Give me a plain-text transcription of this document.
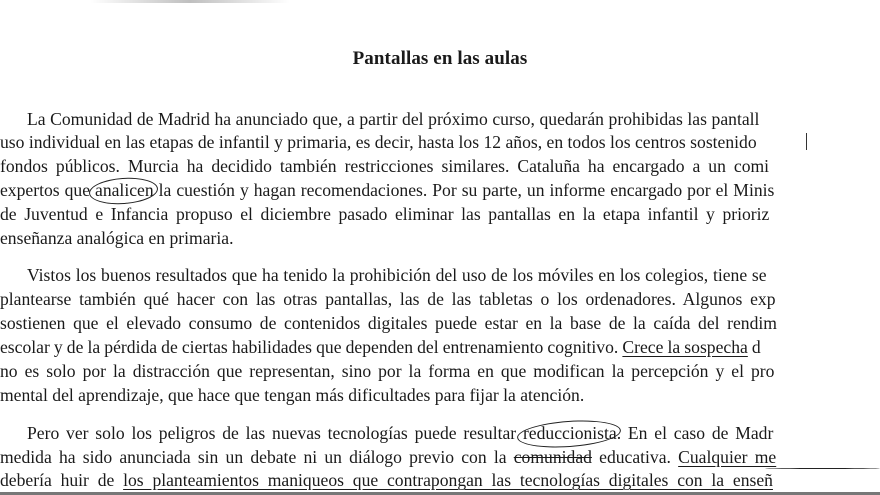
Pantallas en las aulas
La Comunidad de Madrid ha anunciado que, a partir del próximo curso, quedarán prohibidas las pantall
uso individual en las etapas de infantil y primaria, es decir, hasta los 12 años, en todos los centros sostenido
fondos públicos. Murcia ha decidido también restricciones similares. Cataluña ha encargado a un comi
expertos que analicen la cuestión y hagan recomendaciones. Por su parte, un informe encargado por el Minis
de Juventud e Infancia propuso el diciembre pasado eliminar las pantallas en la etapa infantil y prioriz
enseñanza analógica en primaria.
Vistos los buenos resultados que ha tenido la prohibición del uso de los móviles en los colegios, tiene se
plantearse también qué hacer con las otras pantallas, las de las tabletas o los ordenadores. Algunos exp
sostienen que el elevado consumo de contenidos digitales puede estar en la base de la caída del rendim
escolar y de la pérdida de ciertas habilidades que dependen del entrenamiento cognitivo. Crece la sospecha d
no es solo por la distracción que representan, sino por la forma en que modifican la percepción y el pro
mental del aprendizaje, que hace que tengan más dificultades para fijar la atención.
Pero ver solo los peligros de las nuevas tecnologías puede resultar reduccionista. En el caso de Madr
medida ha sido anunciada sin un debate ni un diálogo previo con la comunidad educativa. Cualquier me
debería huir de los planteamientos maniqueos que contrapongan las tecnologías digitales con la enseñ
